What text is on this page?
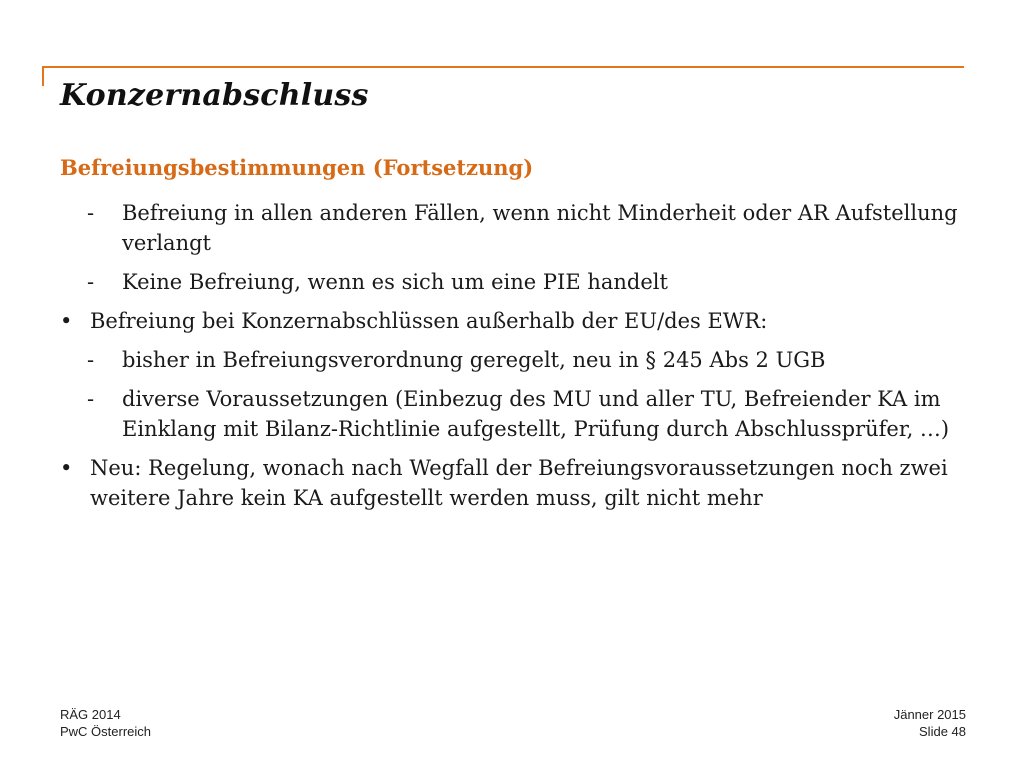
Konzernabschluss
Befreiungsbestimmungen (Fortsetzung)
- Befreiung in allen anderen Fällen, wenn nicht Minderheit oder AR Aufstellung verlangt
- Keine Befreiung, wenn es sich um eine PIE handelt
• Befreiung bei Konzernabschlüssen außerhalb der EU/des EWR:
- bisher in Befreiungsverordnung geregelt, neu in § 245 Abs 2 UGB
- diverse Voraussetzungen (Einbezug des MU und aller TU, Befreiender KA im Einklang mit Bilanz-Richtlinie aufgestellt, Prüfung durch Abschlussprüfer, …)
• Neu: Regelung, wonach nach Wegfall der Befreiungsvoraussetzungen noch zwei weitere Jahre kein KA aufgestellt werden muss, gilt nicht mehr
RÄG 2014
PwC Österreich
Jänner 2015
Slide 48
